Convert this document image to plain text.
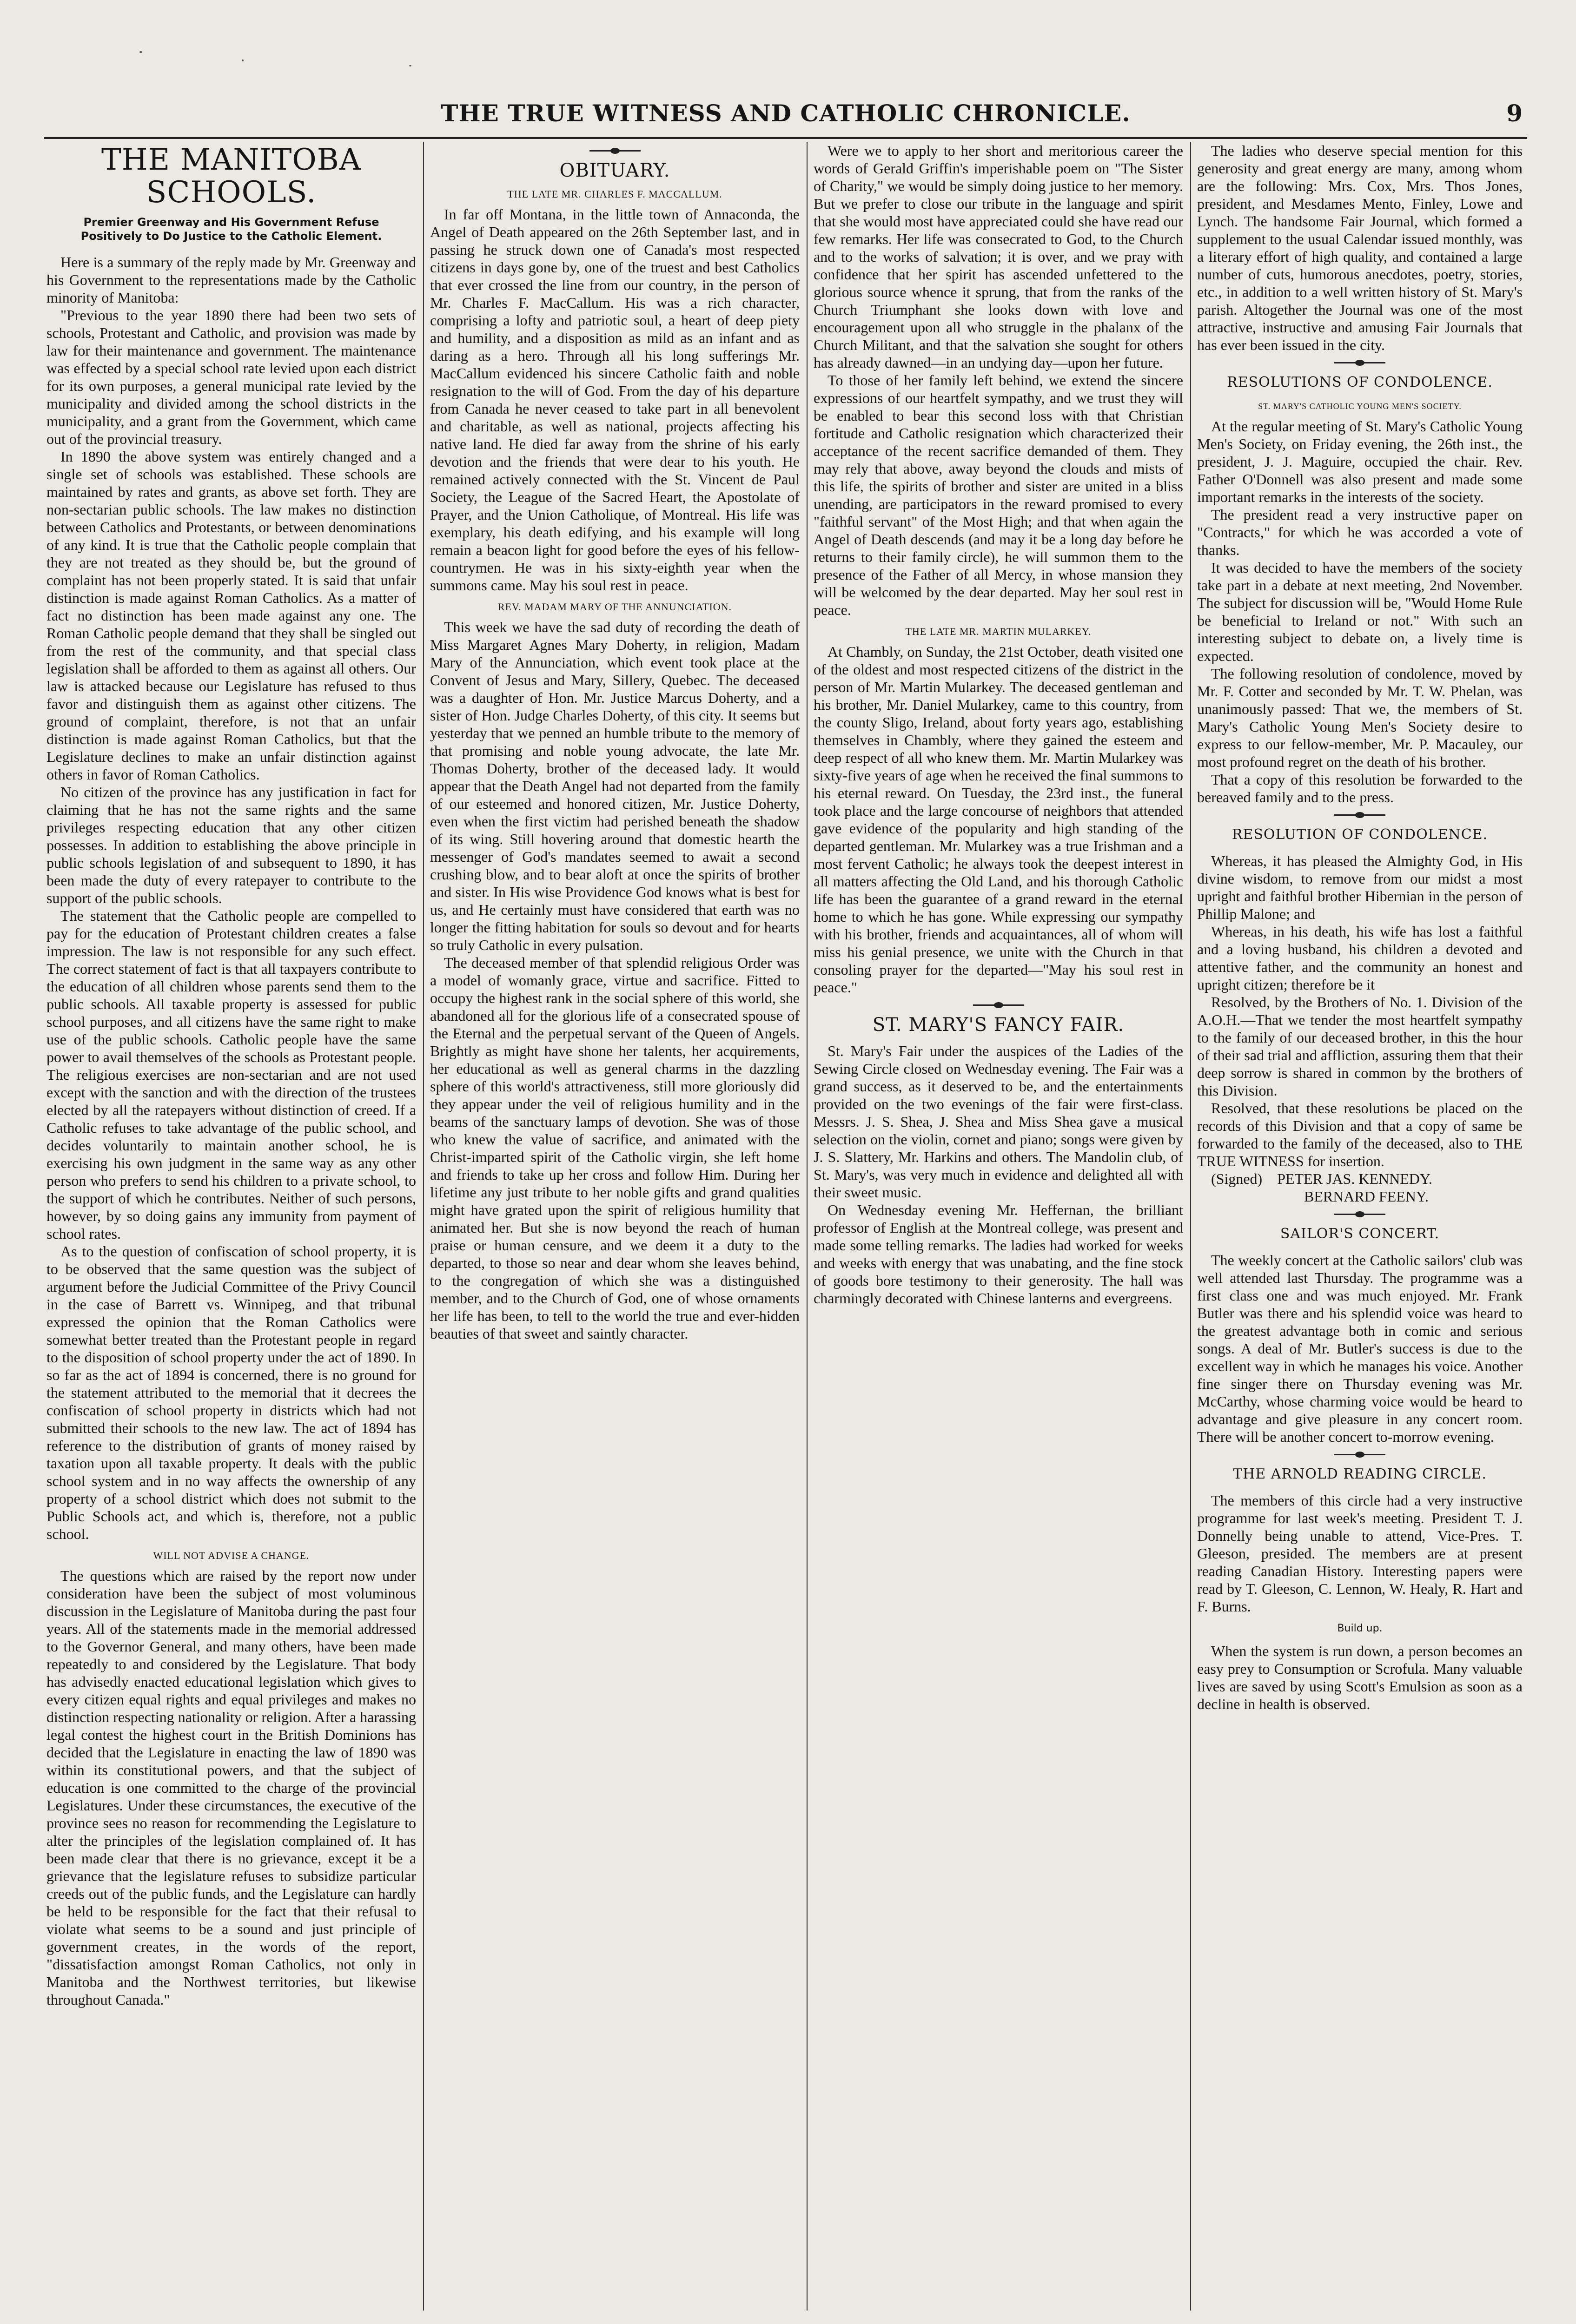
THE TRUE WITNESS AND CATHOLIC CHRONICLE.	9
THE MANITOBA SCHOOLS.
Premier Greenway and His Government Refuse Positively to Do Justice to the Catholic Element.

Here is a summary of the reply made by Mr. Greenway and his Government to the representations made by the Catholic minority of Manitoba:

"Previous to the year 1890 there had been two sets of schools, Protestant and Catholic, and provision was made by law for their maintenance and government. The maintenance was effected by a special school rate levied upon each district for its own purposes, a general municipal rate levied by the municipality and divided among the school districts in the municipality, and a grant from the Government, which came out of the provincial treasury.

In 1890 the above system was entirely changed and a single set of schools was established. These schools are maintained by rates and grants, as above set forth. They are non-sectarian public schools. The law makes no distinction between Catholics and Protestants, or between denominations of any kind. It is true that the Catholic people complain that they are not treated as they should be, but the ground of complaint has not been properly stated. It is said that unfair distinction is made against Roman Catholics. As a matter of fact no distinction has been made against any one. The Roman Catholic people demand that they shall be singled out from the rest of the community, and that special class legislation shall be afforded to them as against all others. Our law is attacked because our Legislature has refused to thus favor and distinguish them as against other citizens. The ground of complaint, therefore, is not that an unfair distinction is made against Roman Catholics, but that the Legislature declines to make an unfair distinction against others in favor of Roman Catholics.

No citizen of the province has any justification in fact for claiming that he has not the same rights and the same privileges respecting education that any other citizen possesses. In addition to establishing the above principle in public schools legislation of and subsequent to 1890, it has been made the duty of every ratepayer to contribute to the support of the public schools.

The statement that the Catholic people are compelled to pay for the education of Protestant children creates a false impression. The law is not responsible for any such effect. The correct statement of fact is that all taxpayers contribute to the education of all children whose parents send them to the public schools. All taxable property is assessed for public school purposes, and all citizens have the same right to make use of the public schools. Catholic people have the same power to avail themselves of the schools as Protestant people. The religious exercises are non-sectarian and are not used except with the sanction and with the direction of the trustees elected by all the ratepayers without distinction of creed. If a Catholic refuses to take advantage of the public school, and decides voluntarily to maintain another school, he is exercising his own judgment in the same way as any other person who prefers to send his children to a private school, to the support of which he contributes. Neither of such persons, however, by so doing gains any immunity from payment of school rates.

As to the question of confiscation of school property, it is to be observed that the same question was the subject of argument before the Judicial Committee of the Privy Council in the case of Barrett vs. Winnipeg, and that tribunal expressed the opinion that the Roman Catholics were somewhat better treated than the Protestant people in regard to the disposition of school property under the act of 1890. In so far as the act of 1894 is concerned, there is no ground for the statement attributed to the memorial that it decrees the confiscation of school property in districts which had not submitted their schools to the new law. The act of 1894 has reference to the distribution of grants of money raised by taxation upon all taxable property. It deals with the public school system and in no way affects the ownership of any property of a school district which does not submit to the Public Schools act, and which is, therefore, not a public school.

WILL NOT ADVISE A CHANGE.

The questions which are raised by the report now under consideration have been the subject of most voluminous discussion in the Legislature of Manitoba during the past four years. All of the statements made in the memorial addressed to the Governor General, and many others, have been made repeatedly to and considered by the Legislature. That body has advisedly enacted educational legislation which gives to every citizen equal rights and equal privileges and makes no distinction respecting nationality or religion. After a harassing legal contest the highest court in the British Dominions has decided that the Legislature in enacting the law of 1890 was within its constitutional powers, and that the subject of education is one committed to the charge of the provincial Legislatures. Under these circumstances, the executive of the province sees no reason for recommending the Legislature to alter the principles of the legislation complained of. It has been made clear that there is no grievance, except it be a grievance that the legislature refuses to subsidize particular creeds out of the public funds, and the Legislature can hardly be held to be responsible for the fact that their refusal to violate what seems to be a sound and just principle of government creates, in the words of the report, "dissatisfaction amongst Roman Catholics, not only in Manitoba and the Northwest territories, but likewise throughout Canada."

OBITUARY.
THE LATE MR. CHARLES F. MACCALLUM.

In far off Montana, in the little town of Annaconda, the Angel of Death appeared on the 26th September last, and in passing he struck down one of Canada's most respected citizens in days gone by, one of the truest and best Catholics that ever crossed the line from our country, in the person of Mr. Charles F. MacCallum. His was a rich character, comprising a lofty and patriotic soul, a heart of deep piety and humility, and a disposition as mild as an infant and as daring as a hero. Through all his long sufferings Mr. MacCallum evidenced his sincere Catholic faith and noble resignation to the will of God. From the day of his departure from Canada he never ceased to take part in all benevolent and charitable, as well as national, projects affecting his native land. He died far away from the shrine of his early devotion and the friends that were dear to his youth. He remained actively connected with the St. Vincent de Paul Society, the League of the Sacred Heart, the Apostolate of Prayer, and the Union Catholique, of Montreal. His life was exemplary, his death edifying, and his example will long remain a beacon light for good before the eyes of his fellow-countrymen. He was in his sixty-eighth year when the summons came. May his soul rest in peace.

REV. MADAM MARY OF THE ANNUNCIATION.

This week we have the sad duty of recording the death of Miss Margaret Agnes Mary Doherty, in religion, Madam Mary of the Annunciation, which event took place at the Convent of Jesus and Mary, Sillery, Quebec. The deceased was a daughter of Hon. Mr. Justice Marcus Doherty, and a sister of Hon. Judge Charles Doherty, of this city. It seems but yesterday that we penned an humble tribute to the memory of that promising and noble young advocate, the late Mr. Thomas Doherty, brother of the deceased lady. It would appear that the Death Angel had not departed from the family of our esteemed and honored citizen, Mr. Justice Doherty, even when the first victim had perished beneath the shadow of its wing. Still hovering around that domestic hearth the messenger of God's mandates seemed to await a second crushing blow, and to bear aloft at once the spirits of brother and sister. In His wise Providence God knows what is best for us, and He certainly must have considered that earth was no longer the fitting habitation for souls so devout and for hearts so truly Catholic in every pulsation.

The deceased member of that splendid religious Order was a model of womanly grace, virtue and sacrifice. Fitted to occupy the highest rank in the social sphere of this world, she abandoned all for the glorious life of a consecrated spouse of the Eternal and the perpetual servant of the Queen of Angels. Brightly as might have shone her talents, her acquirements, her educational as well as general charms in the dazzling sphere of this world's attractiveness, still more gloriously did they appear under the veil of religious humility and in the beams of the sanctuary lamps of devotion. She was of those who knew the value of sacrifice, and animated with the Christ-imparted spirit of the Catholic virgin, she left home and friends to take up her cross and follow Him. During her lifetime any just tribute to her noble gifts and grand qualities might have grated upon the spirit of religious humility that animated her. But she is now beyond the reach of human praise or human censure, and we deem it a duty to the departed, to those so near and dear whom she leaves behind, to the congregation of which she was a distinguished member, and to the Church of God, one of whose ornaments her life has been, to tell to the world the true and ever-hidden beauties of that sweet and saintly character.

Were we to apply to her short and meritorious career the words of Gerald Griffin's imperishable poem on "The Sister of Charity," we would be simply doing justice to her memory. But we prefer to close our tribute in the language and spirit that she would most have appreciated could she have read our few remarks. Her life was consecrated to God, to the Church and to the works of salvation; it is over, and we pray with confidence that her spirit has ascended unfettered to the glorious source whence it sprung, that from the ranks of the Church Triumphant she looks down with love and encouragement upon all who struggle in the phalanx of the Church Militant, and that the salvation she sought for others has already dawned—in an undying day—upon her future.

To those of her family left behind, we extend the sincere expressions of our heartfelt sympathy, and we trust they will be enabled to bear this second loss with that Christian fortitude and Catholic resignation which characterized their acceptance of the recent sacrifice demanded of them. They may rely that above, away beyond the clouds and mists of this life, the spirits of brother and sister are united in a bliss unending, are participators in the reward promised to every "faithful servant" of the Most High; and that when again the Angel of Death descends (and may it be a long day before he returns to their family circle), he will summon them to the presence of the Father of all Mercy, in whose mansion they will be welcomed by the dear departed. May her soul rest in peace.

THE LATE MR. MARTIN MULARKEY.

At Chambly, on Sunday, the 21st October, death visited one of the oldest and most respected citizens of the district in the person of Mr. Martin Mularkey. The deceased gentleman and his brother, Mr. Daniel Mularkey, came to this country, from the county Sligo, Ireland, about forty years ago, establishing themselves in Chambly, where they gained the esteem and deep respect of all who knew them. Mr. Martin Mularkey was sixty-five years of age when he received the final summons to his eternal reward. On Tuesday, the 23rd inst., the funeral took place and the large concourse of neighbors that attended gave evidence of the popularity and high standing of the departed gentleman. Mr. Mularkey was a true Irishman and a most fervent Catholic; he always took the deepest interest in all matters affecting the Old Land, and his thorough Catholic life has been the guarantee of a grand reward in the eternal home to which he has gone. While expressing our sympathy with his brother, friends and acquaintances, all of whom will miss his genial presence, we unite with the Church in that consoling prayer for the departed—"May his soul rest in peace."

ST. MARY'S FANCY FAIR.

St. Mary's Fair under the auspices of the Ladies of the Sewing Circle closed on Wednesday evening. The Fair was a grand success, as it deserved to be, and the entertainments provided on the two evenings of the fair were first-class. Messrs. J. S. Shea, J. Shea and Miss Shea gave a musical selection on the violin, cornet and piano; songs were given by J. S. Slattery, Mr. Harkins and others. The Mandolin club, of St. Mary's, was very much in evidence and delighted all with their sweet music.

On Wednesday evening Mr. Heffernan, the brilliant professor of English at the Montreal college, was present and made some telling remarks. The ladies had worked for weeks and weeks with energy that was unabating, and the fine stock of goods bore testimony to their generosity. The hall was charmingly decorated with Chinese lanterns and evergreens.

The ladies who deserve special mention for this generosity and great energy are many, among whom are the following: Mrs. Cox, Mrs. Thos Jones, president, and Mesdames Mento, Finley, Lowe and Lynch. The handsome Fair Journal, which formed a supplement to the usual Calendar issued monthly, was a literary effort of high quality, and contained a large number of cuts, humorous anecdotes, poetry, stories, etc., in addition to a well written history of St. Mary's parish. Altogether the Journal was one of the most attractive, instructive and amusing Fair Journals that has ever been issued in the city.

RESOLUTIONS OF CONDOLENCE.
ST. MARY'S CATHOLIC YOUNG MEN'S SOCIETY.

At the regular meeting of St. Mary's Catholic Young Men's Society, on Friday evening, the 26th inst., the president, J. J. Maguire, occupied the chair. Rev. Father O'Donnell was also present and made some important remarks in the interests of the society.

The president read a very instructive paper on "Contracts," for which he was accorded a vote of thanks.

It was decided to have the members of the society take part in a debate at next meeting, 2nd November. The subject for discussion will be, "Would Home Rule be beneficial to Ireland or not." With such an interesting subject to debate on, a lively time is expected.

The following resolution of condolence, moved by Mr. F. Cotter and seconded by Mr. T. W. Phelan, was unanimously passed: That we, the members of St. Mary's Catholic Young Men's Society desire to express to our fellow-member, Mr. P. Macauley, our most profound regret on the death of his brother.

That a copy of this resolution be forwarded to the bereaved family and to the press.

RESOLUTION OF CONDOLENCE.

Whereas, it has pleased the Almighty God, in His divine wisdom, to remove from our midst a most upright and faithful brother Hibernian in the person of Phillip Malone; and

Whereas, in his death, his wife has lost a faithful and a loving husband, his children a devoted and attentive father, and the community an honest and upright citizen; therefore be it

Resolved, by the Brothers of No. 1. Division of the A.O.H.—That we tender the most heartfelt sympathy to the family of our deceased brother, in this the hour of their sad trial and affliction, assuring them that their deep sorrow is shared in common by the brothers of this Division.

Resolved, that these resolutions be placed on the records of this Division and that a copy of same be forwarded to the family of the deceased, also to THE TRUE WITNESS for insertion.

(Signed) PETER JAS. KENNEDY.

BERNARD FEENY.

SAILOR'S CONCERT.

The weekly concert at the Catholic sailors' club was well attended last Thursday. The programme was a first class one and was much enjoyed. Mr. Frank Butler was there and his splendid voice was heard to the greatest advantage both in comic and serious songs. A deal of Mr. Butler's success is due to the excellent way in which he manages his voice. Another fine singer there on Thursday evening was Mr. McCarthy, whose charming voice would be heard to advantage and give pleasure in any concert room. There will be another concert to-morrow evening.

THE ARNOLD READING CIRCLE.

The members of this circle had a very instructive programme for last week's meeting. President T. J. Donnelly being unable to attend, Vice-Pres. T. Gleeson, presided. The members are at present reading Canadian History. Interesting papers were read by T. Gleeson, C. Lennon, W. Healy, R. Hart and F. Burns.

Build up.

When the system is run down, a person becomes an easy prey to Consumption or Scrofula. Many valuable lives are saved by using Scott's Emulsion as soon as a decline in health is observed.
